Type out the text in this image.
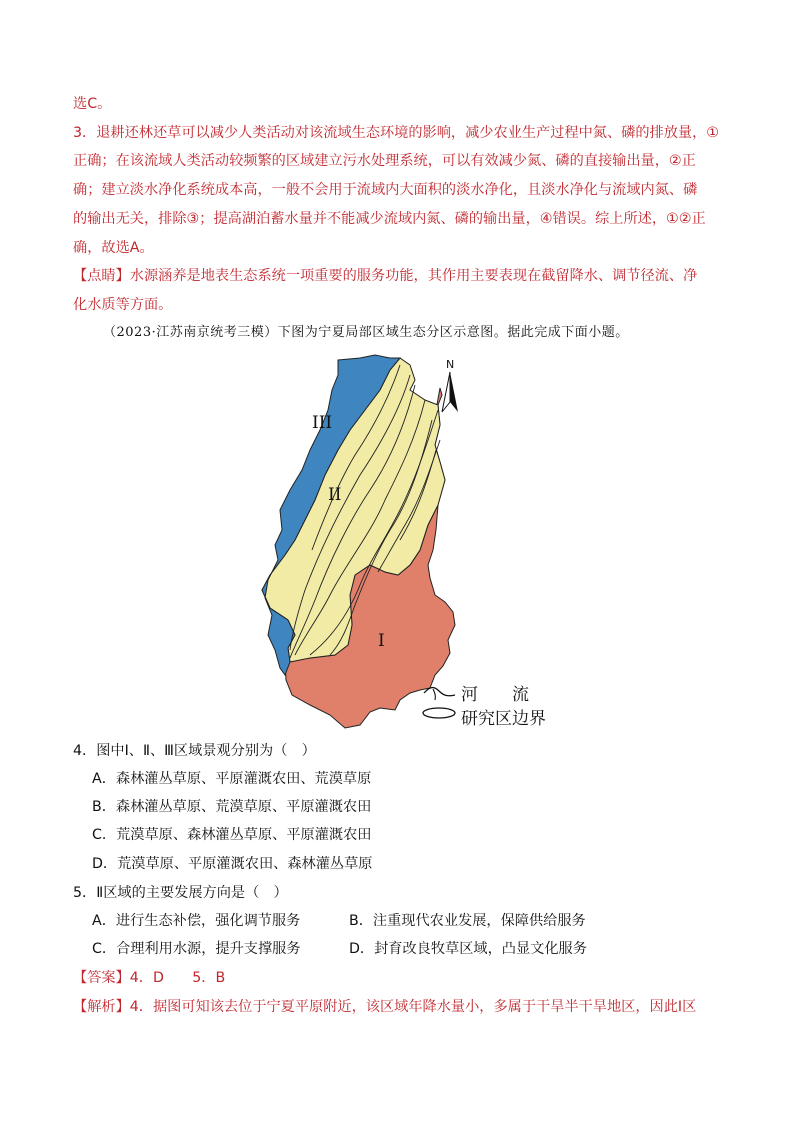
选C。
3．退耕还林还草可以减少人类活动对该流域生态环境的影响，减少农业生产过程中氮、磷的排放量，①
正确；在该流域人类活动较频繁的区域建立污水处理系统，可以有效减少氮、磷的直接输出量，②正
确；建立淡水净化系统成本高，一般不会用于流域内大面积的淡水净化，且淡水净化与流域内氮、磷
的输出无关，排除③；提高湖泊蓄水量并不能减少流域内氮、磷的输出量，④错误。综上所述，①②正
确，故选A。
【点睛】水源涵养是地表生态系统一项重要的服务功能，其作用主要表现在截留降水、调节径流、净
化水质等方面。
（2023·江苏南京统考三模）下图为宁夏局部区域生态分区示意图。据此完成下面小题。
III
II
I
N
河　　流
研究区边界
4．图中Ⅰ、Ⅱ、Ⅲ区域景观分别为（　）
A．森林灌丛草原、平原灌溉农田、荒漠草原
B．森林灌丛草原、荒漠草原、平原灌溉农田
C．荒漠草原、森林灌丛草原、平原灌溉农田
D．荒漠草原、平原灌溉农田、森林灌丛草原
5．Ⅱ区域的主要发展方向是（　）
A．进行生态补偿，强化调节服务	B．注重现代农业发展，保障供给服务
C．合理利用水源，提升支撑服务	D．封育改良牧草区域，凸显文化服务
【答案】4．D　　5．B
【解析】4．据图可知该去位于宁夏平原附近，该区域年降水量小，多属于干旱半干旱地区，因此Ⅰ区
